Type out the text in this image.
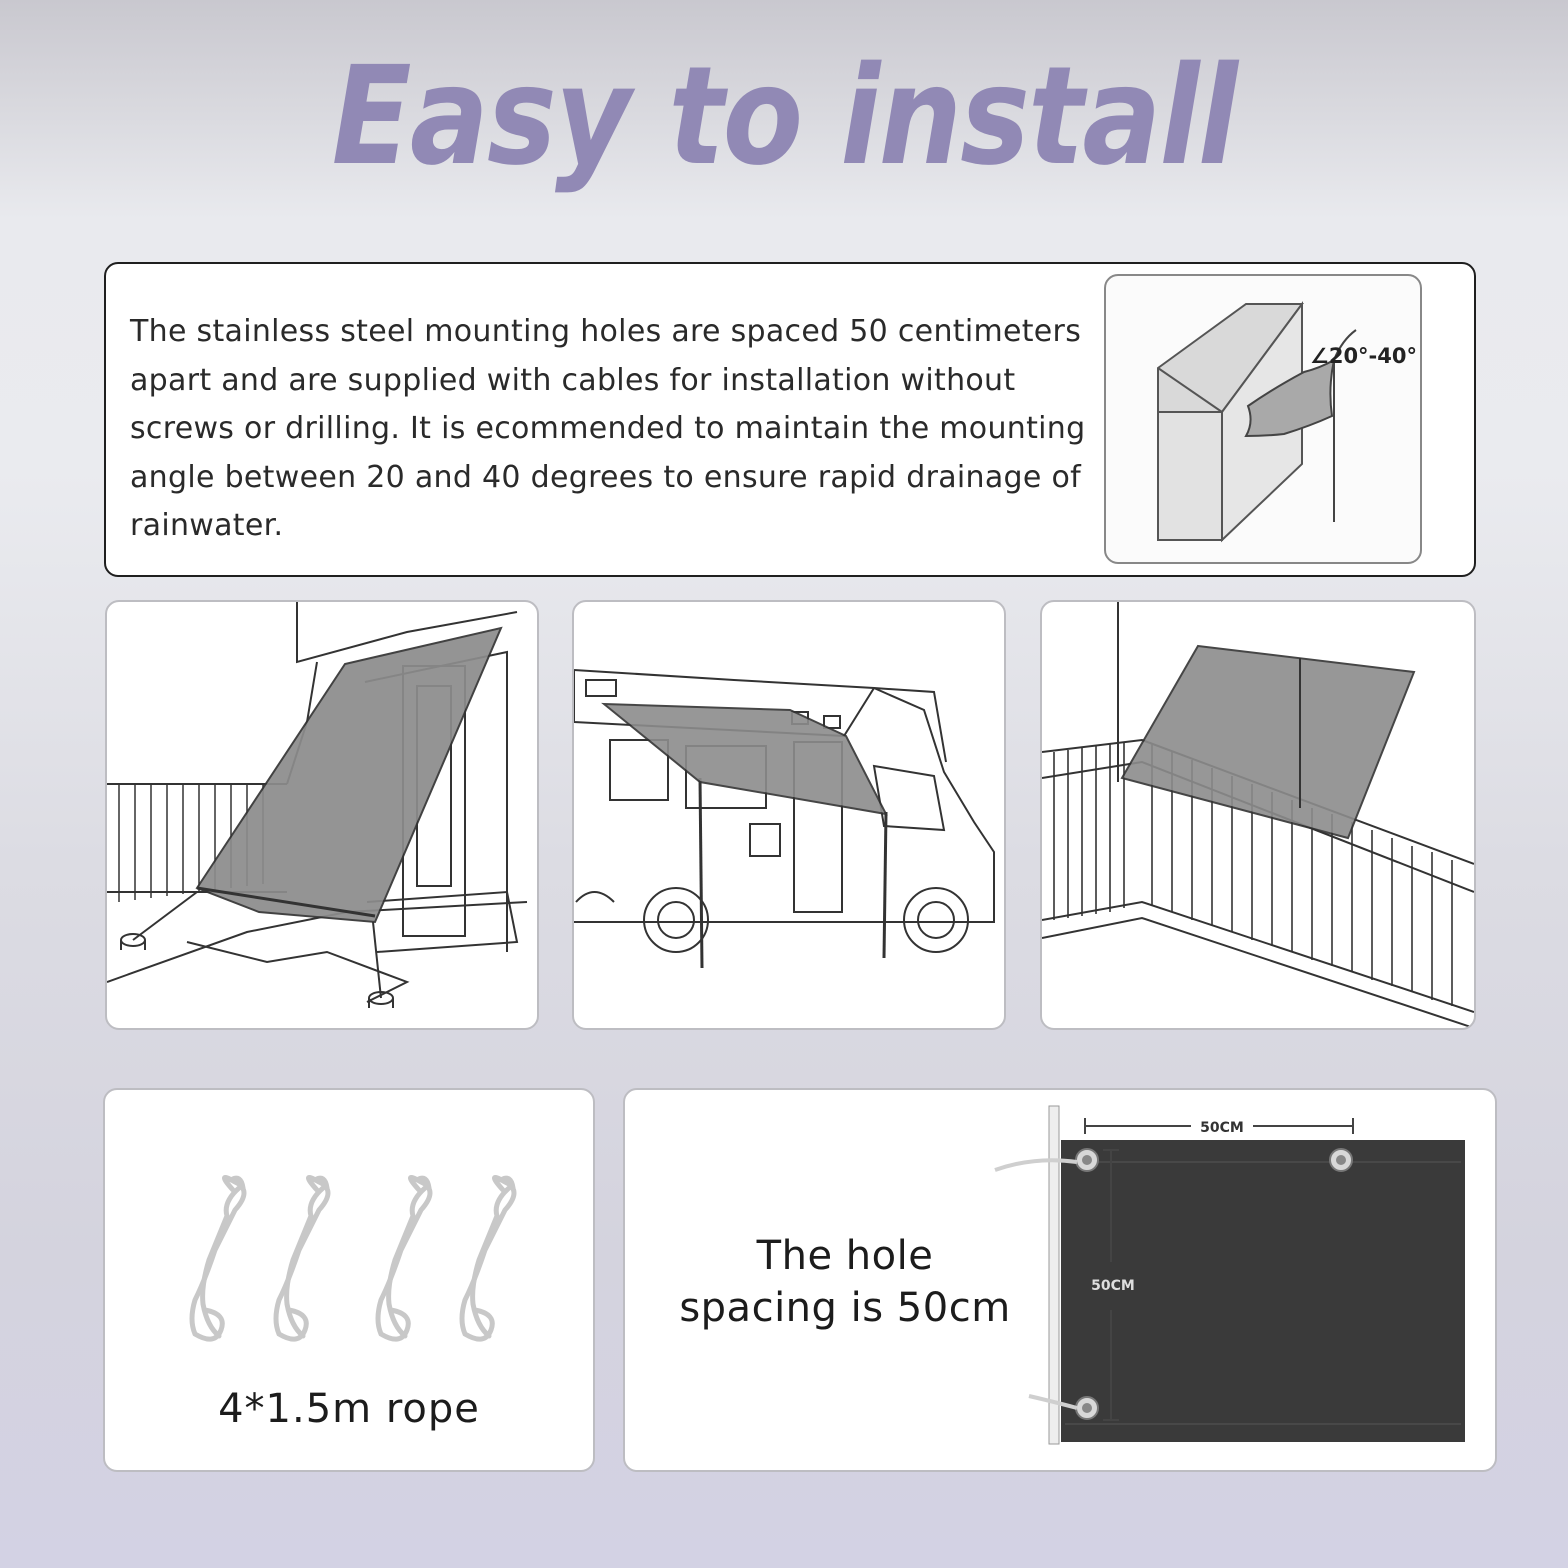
Easy to install
The stainless steel mounting holes are spaced 50 centimeters apart and are supplied with cables for installation without screws or drilling. It is ecommended to maintain the mounting angle between 20 and 40 degrees to ensure rapid drainage of rainwater.
∠20°-40°
4*1.5m rope
The hole
spacing is 50cm
50CM
50CM
